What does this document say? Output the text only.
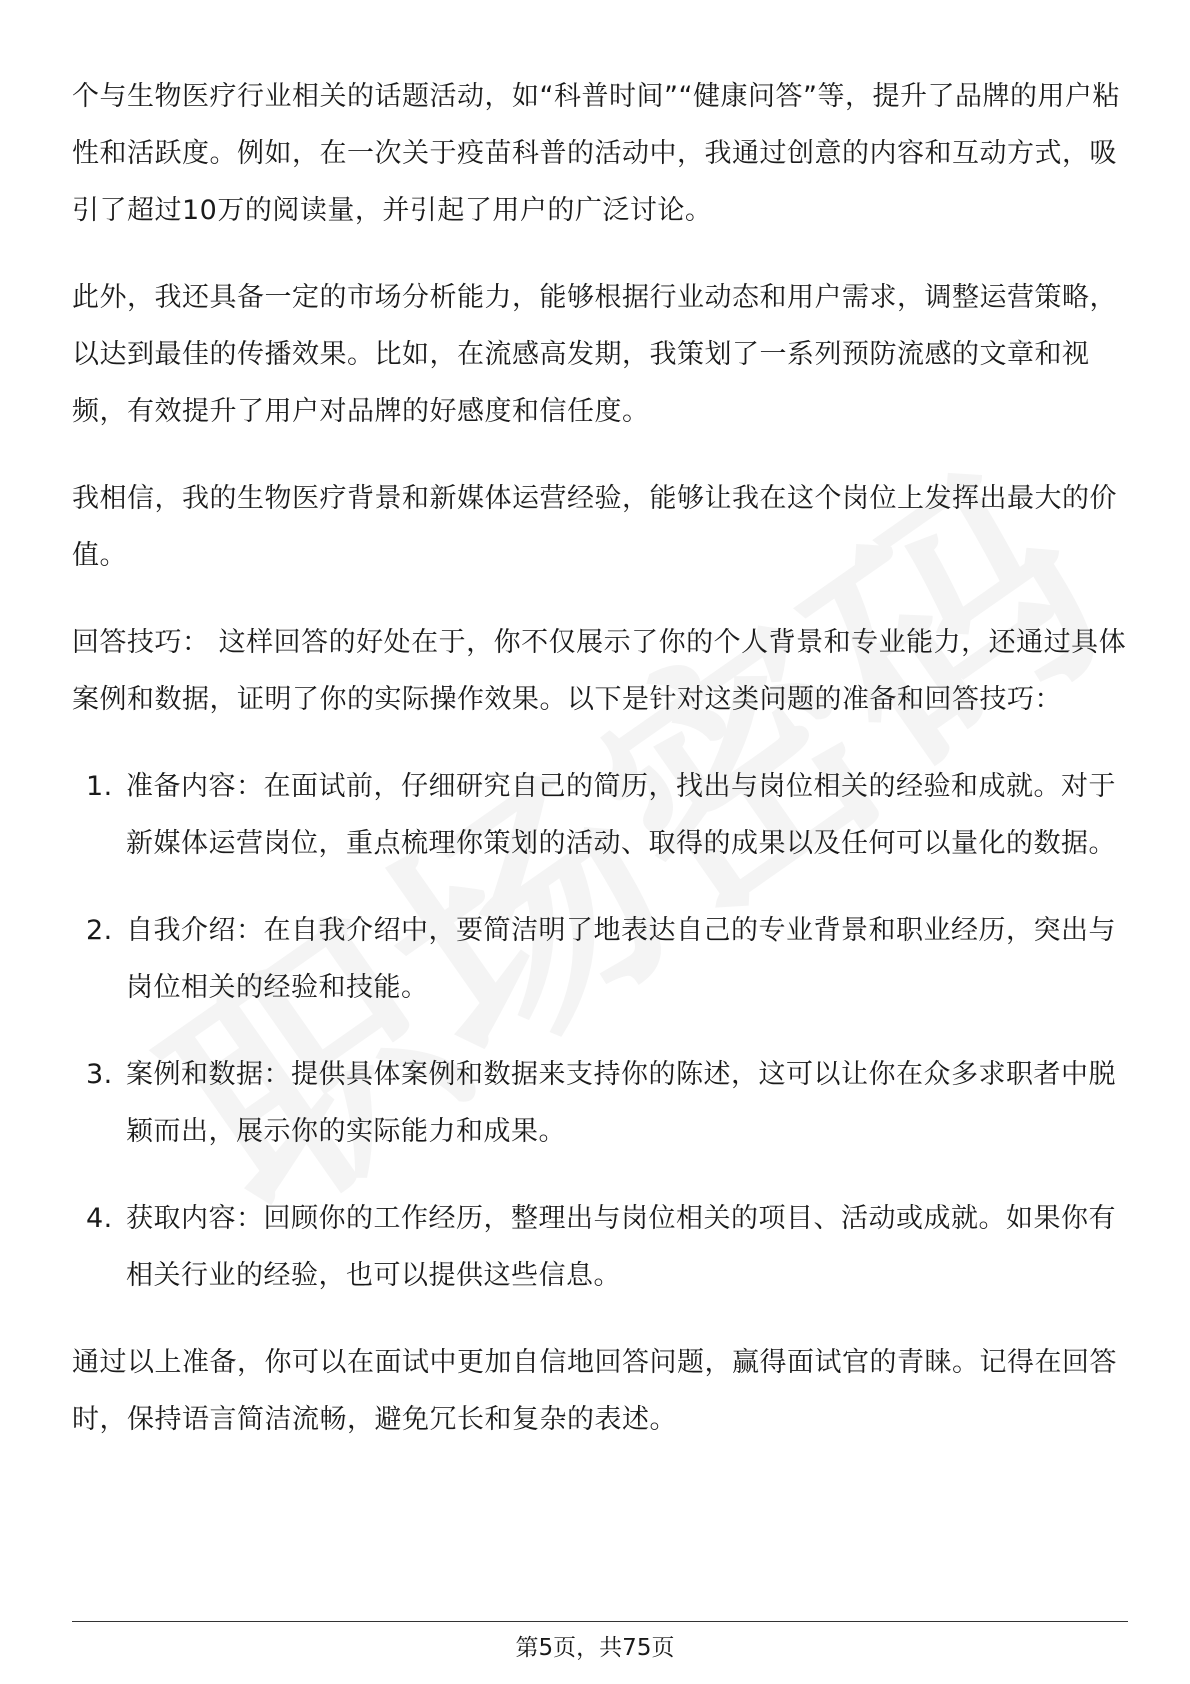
个与生物医疗行业相关的话题活动，如“科普时间”“健康问答”等，提升了品牌的用户粘性和活跃度。例如，在一次关于疫苗科普的活动中，我通过创意的内容和互动方式，吸引了超过10万的阅读量，并引起了用户的广泛讨论。

此外，我还具备一定的市场分析能力，能够根据行业动态和用户需求，调整运营策略，以达到最佳的传播效果。比如，在流感高发期，我策划了一系列预防流感的文章和视频，有效提升了用户对品牌的好感度和信任度。

我相信，我的生物医疗背景和新媒体运营经验，能够让我在这个岗位上发挥出最大的价值。

回答技巧： 这样回答的好处在于，你不仅展示了你的个人背景和专业能力，还通过具体案例和数据，证明了你的实际操作效果。以下是针对这类问题的准备和回答技巧：

1. 准备内容：在面试前，仔细研究自己的简历，找出与岗位相关的经验和成就。对于新媒体运营岗位，重点梳理你策划的活动、取得的成果以及任何可以量化的数据。
2. 自我介绍：在自我介绍中，要简洁明了地表达自己的专业背景和职业经历，突出与岗位相关的经验和技能。
3. 案例和数据：提供具体案例和数据来支持你的陈述，这可以让你在众多求职者中脱颖而出，展示你的实际能力和成果。
4. 获取内容：回顾你的工作经历，整理出与岗位相关的项目、活动或成就。如果你有相关行业的经验，也可以提供这些信息。

通过以上准备，你可以在面试中更加自信地回答问题，赢得面试官的青睐。记得在回答时，保持语言简洁流畅，避免冗长和复杂的表述。

第5页，共75页
